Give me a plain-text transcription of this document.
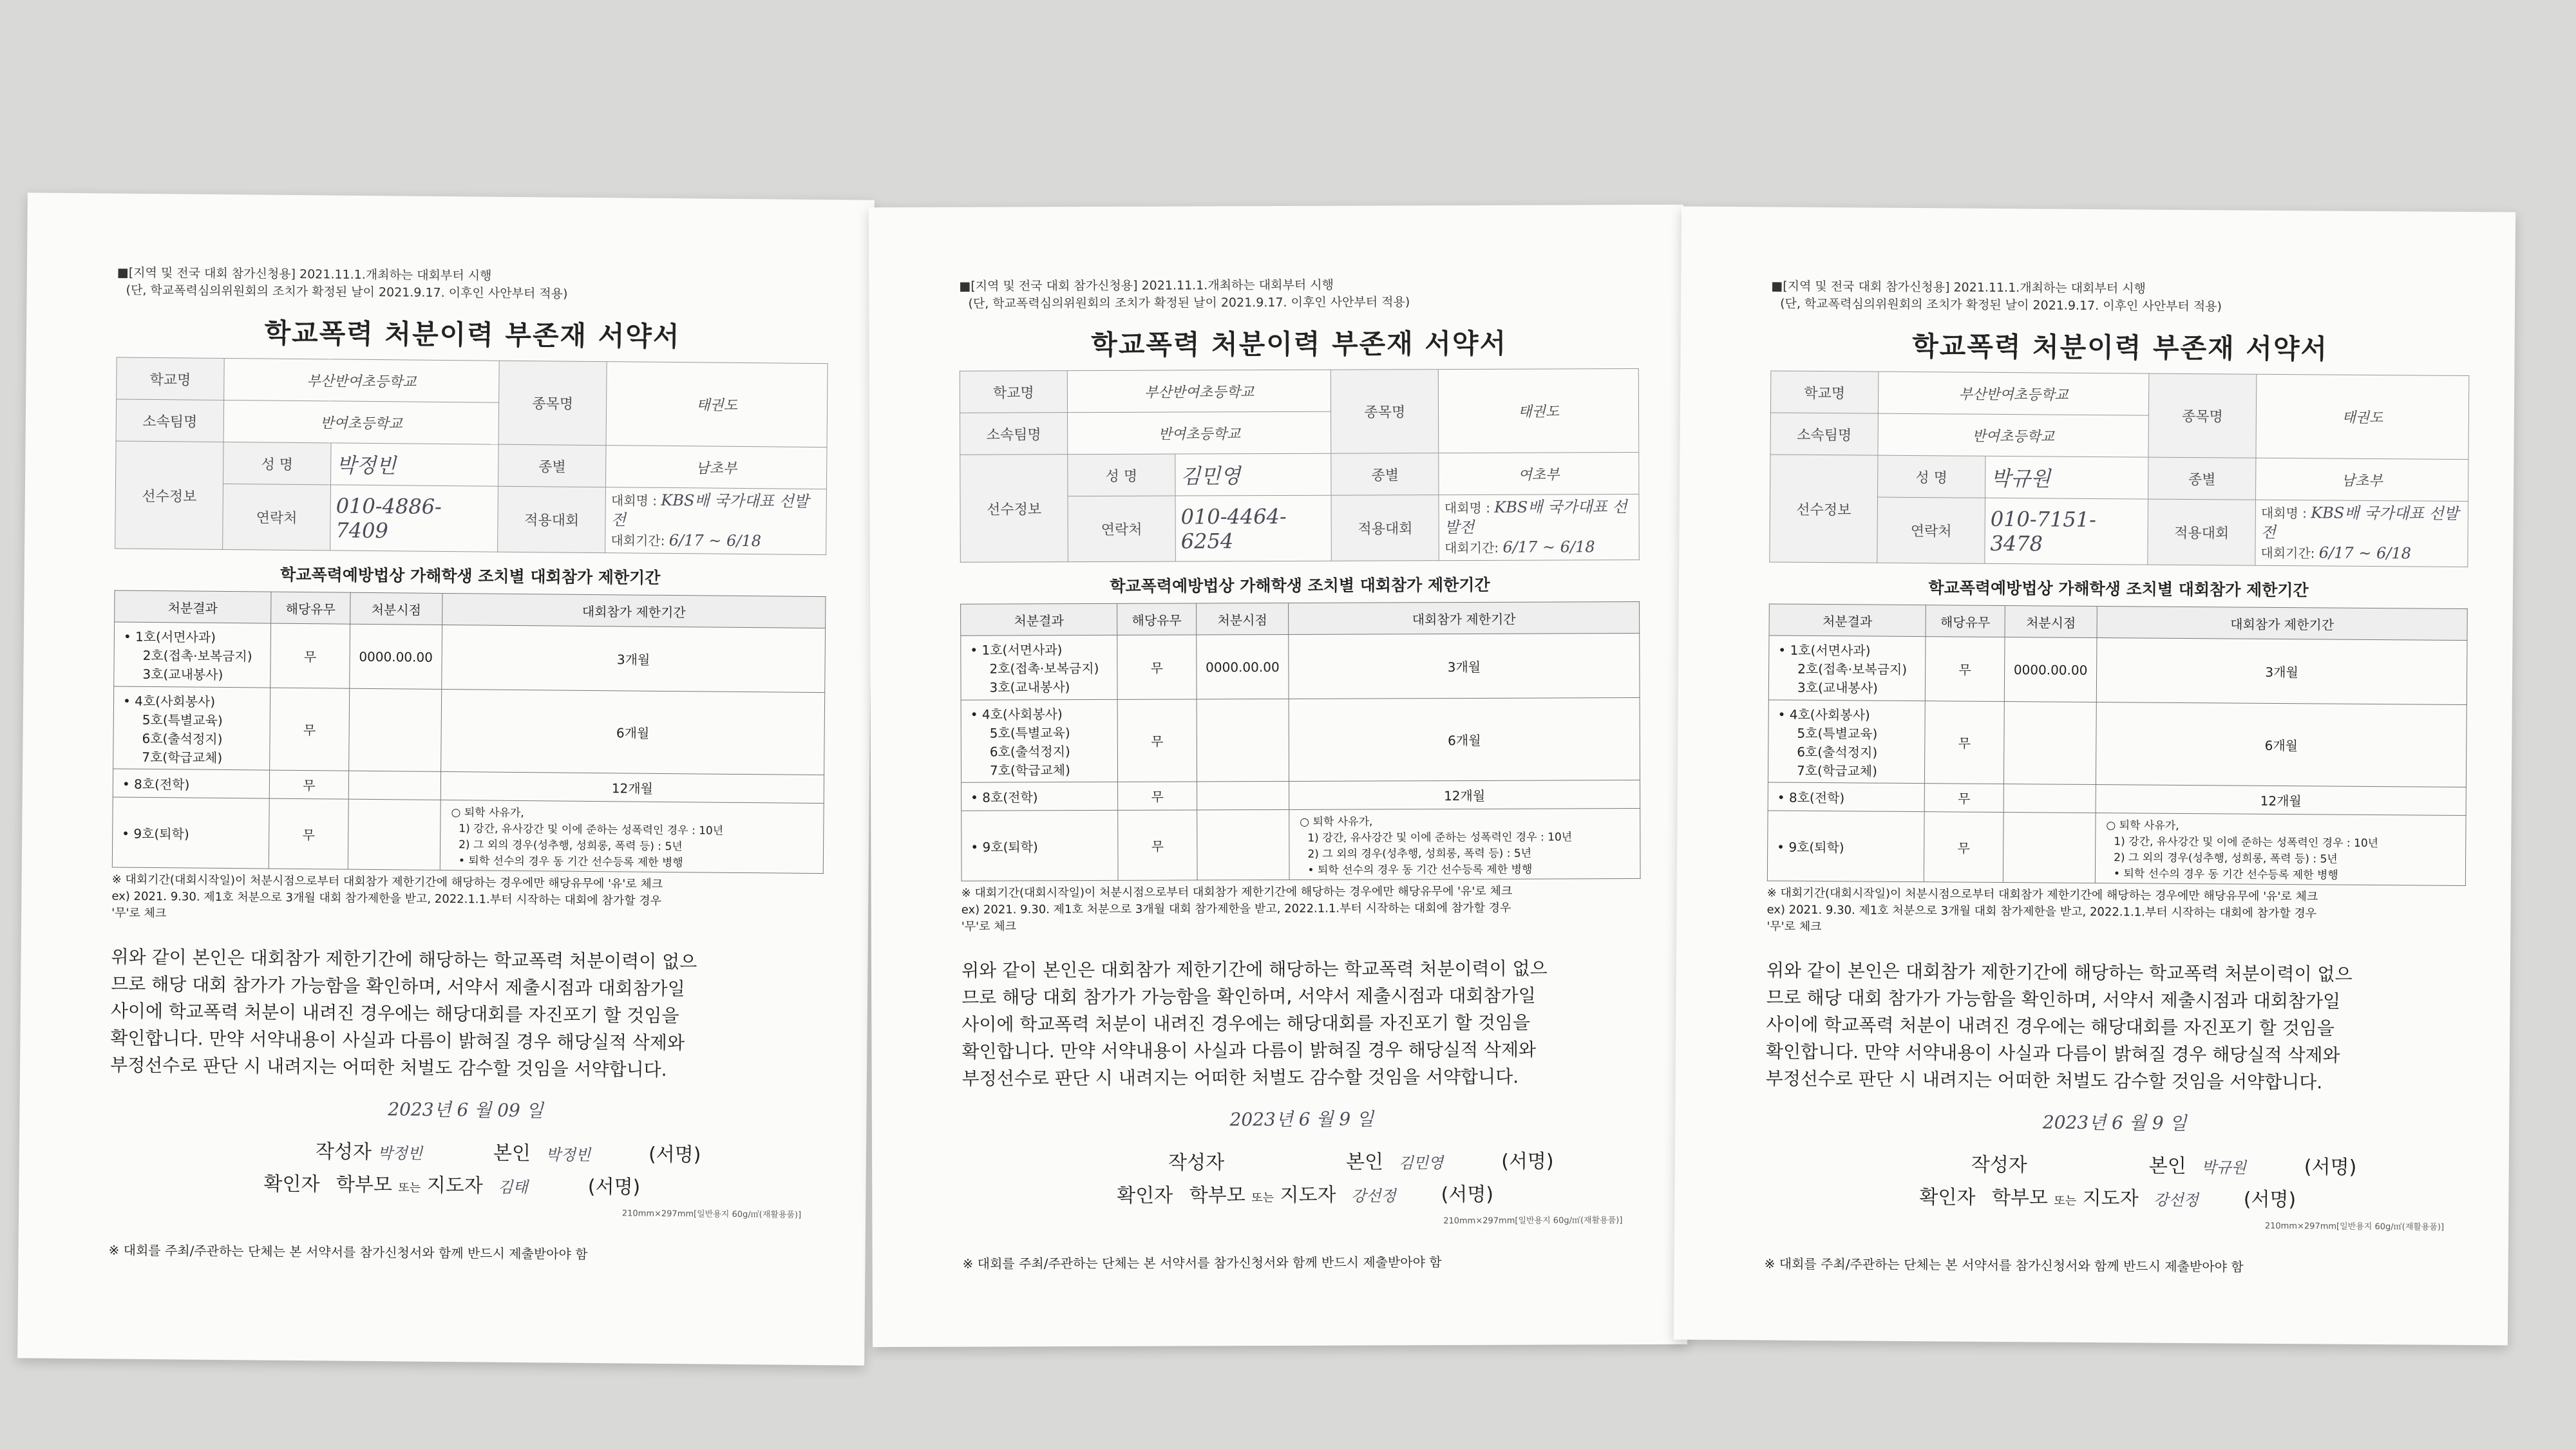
■[지역 및 전국 대회 참가신청용] 2021.11.1.개최하는 대회부터 시행
(단, 학교폭력심의위원회의 조치가 확정된 날이 2021.9.17. 이후인 사안부터 적용)
학교폭력 처분이력 부존재 서약서
학교명	부산반여초등학교		종목명	태권도
소속팀명	반여초등학교			
선수정보	성 명	박정빈	종별	남초부
	연락처	010-4886-7409	적용대회	대회명 : KBS배 국가대표 선발전
대회기간: 6/17 ~ 6/18
학교폭력예방법상 가해학생 조치별 대회참가 제한기간
처분결과	해당유무	처분시점	대회참가 제한기간

• 1호(서면사과)
2호(접촉·보복금지)
3호(교내봉사)	무	0000.00.00	3개월

• 4호(사회봉사)
5호(특별교육)
6호(출석정지)
7호(학급교체)	무		6개월

• 8호(전학)	무		12개월

• 9호(퇴학)	무		○ 퇴학 사유가,
1) 강간, 유사강간 및 이에 준하는 성폭력인 경우 : 10년
2) 그 외의 경우(성추행, 성희롱, 폭력 등) : 5년
• 퇴학 선수의 경우 동 기간 선수등록 제한 병행
※ 대회기간(대회시작일)이 처분시점으로부터 대회참가 제한기간에 해당하는 경우에만 해당유무에 '유'로 체크
ex) 2021. 9.30. 제1호 처분으로 3개월 대회 참가제한을 받고, 2022.1.1.부터 시작하는 대회에 참가할 경우
'무'로 체크
위와 같이 본인은 대회참가 제한기간에 해당하는 학교폭력 처분이력이 없으
므로 해당 대회 참가가 가능함을 확인하며, 서약서 제출시점과 대회참가일
사이에 학교폭력 처분이 내려진 경우에는 해당대회를 자진포기 할 것임을
확인합니다. 만약 서약내용이 사실과 다름이 밝혀질 경우 해당실적 삭제와
부정선수로 판단 시 내려지는 어떠한 처벌도 감수할 것임을 서약합니다.
2023년 6 월 09 일
작성자 박정빈	본인 박정빈	(서명)
확인자 학부모 또는 지도자 김태	(서명)
210mm×297mm[일반용지 60g/㎡(재활용품)]
※ 대회를 주최/주관하는 단체는 본 서약서를 참가신청서와 함께 반드시 제출받아야 함
■[지역 및 전국 대회 참가신청용] 2021.11.1.개최하는 대회부터 시행
(단, 학교폭력심의위원회의 조치가 확정된 날이 2021.9.17. 이후인 사안부터 적용)
학교폭력 처분이력 부존재 서약서
학교명	부산반여초등학교		종목명	태권도
소속팀명	반여초등학교			
선수정보	성 명	김민영	종별	여초부
	연락처	010-4464-6254	적용대회	대회명 : KBS배 국가대표 선발전
대회기간: 6/17 ~ 6/18
학교폭력예방법상 가해학생 조치별 대회참가 제한기간
처분결과	해당유무	처분시점	대회참가 제한기간

• 1호(서면사과)
2호(접촉·보복금지)
3호(교내봉사)	무	0000.00.00	3개월

• 4호(사회봉사)
5호(특별교육)
6호(출석정지)
7호(학급교체)	무		6개월

• 8호(전학)	무		12개월

• 9호(퇴학)	무		○ 퇴학 사유가,
1) 강간, 유사강간 및 이에 준하는 성폭력인 경우 : 10년
2) 그 외의 경우(성추행, 성희롱, 폭력 등) : 5년
• 퇴학 선수의 경우 동 기간 선수등록 제한 병행
※ 대회기간(대회시작일)이 처분시점으로부터 대회참가 제한기간에 해당하는 경우에만 해당유무에 '유'로 체크
ex) 2021. 9.30. 제1호 처분으로 3개월 대회 참가제한을 받고, 2022.1.1.부터 시작하는 대회에 참가할 경우
'무'로 체크
위와 같이 본인은 대회참가 제한기간에 해당하는 학교폭력 처분이력이 없으
므로 해당 대회 참가가 가능함을 확인하며, 서약서 제출시점과 대회참가일
사이에 학교폭력 처분이 내려진 경우에는 해당대회를 자진포기 할 것임을
확인합니다. 만약 서약내용이 사실과 다름이 밝혀질 경우 해당실적 삭제와
부정선수로 판단 시 내려지는 어떠한 처벌도 감수할 것임을 서약합니다.
2023년 6 월 9 일
작성자	본인 김민영	(서명)
확인자 학부모 또는 지도자 강선정 (서명)
210mm×297mm[일반용지 60g/㎡(재활용품)]
※ 대회를 주최/주관하는 단체는 본 서약서를 참가신청서와 함께 반드시 제출받아야 함
■[지역 및 전국 대회 참가신청용] 2021.11.1.개최하는 대회부터 시행
(단, 학교폭력심의위원회의 조치가 확정된 날이 2021.9.17. 이후인 사안부터 적용)
학교폭력 처분이력 부존재 서약서
학교명	부산반여초등학교		종목명	태권도
소속팀명	반여초등학교			
선수정보	성 명	박규원	종별	남초부
	연락처	010-7151-3478	적용대회	대회명 : KBS배 국가대표 선발전
대회기간: 6/17 ~ 6/18
학교폭력예방법상 가해학생 조치별 대회참가 제한기간
처분결과	해당유무	처분시점	대회참가 제한기간

• 1호(서면사과)
2호(접촉·보복금지)
3호(교내봉사)	무	0000.00.00	3개월

• 4호(사회봉사)
5호(특별교육)
6호(출석정지)
7호(학급교체)	무		6개월

• 8호(전학)	무		12개월

• 9호(퇴학)	무		○ 퇴학 사유가,
1) 강간, 유사강간 및 이에 준하는 성폭력인 경우 : 10년
2) 그 외의 경우(성추행, 성희롱, 폭력 등) : 5년
• 퇴학 선수의 경우 동 기간 선수등록 제한 병행
※ 대회기간(대회시작일)이 처분시점으로부터 대회참가 제한기간에 해당하는 경우에만 해당유무에 '유'로 체크
ex) 2021. 9.30. 제1호 처분으로 3개월 대회 참가제한을 받고, 2022.1.1.부터 시작하는 대회에 참가할 경우
'무'로 체크
위와 같이 본인은 대회참가 제한기간에 해당하는 학교폭력 처분이력이 없으
므로 해당 대회 참가가 가능함을 확인하며, 서약서 제출시점과 대회참가일
사이에 학교폭력 처분이 내려진 경우에는 해당대회를 자진포기 할 것임을
확인합니다. 만약 서약내용이 사실과 다름이 밝혀질 경우 해당실적 삭제와
부정선수로 판단 시 내려지는 어떠한 처벌도 감수할 것임을 서약합니다.
2023년 6 월 9 일
작성자	본인 박규원	(서명)
확인자 학부모 또는 지도자 강선정 (서명)
210mm×297mm[일반용지 60g/㎡(재활용품)]
※ 대회를 주최/주관하는 단체는 본 서약서를 참가신청서와 함께 반드시 제출받아야 함
